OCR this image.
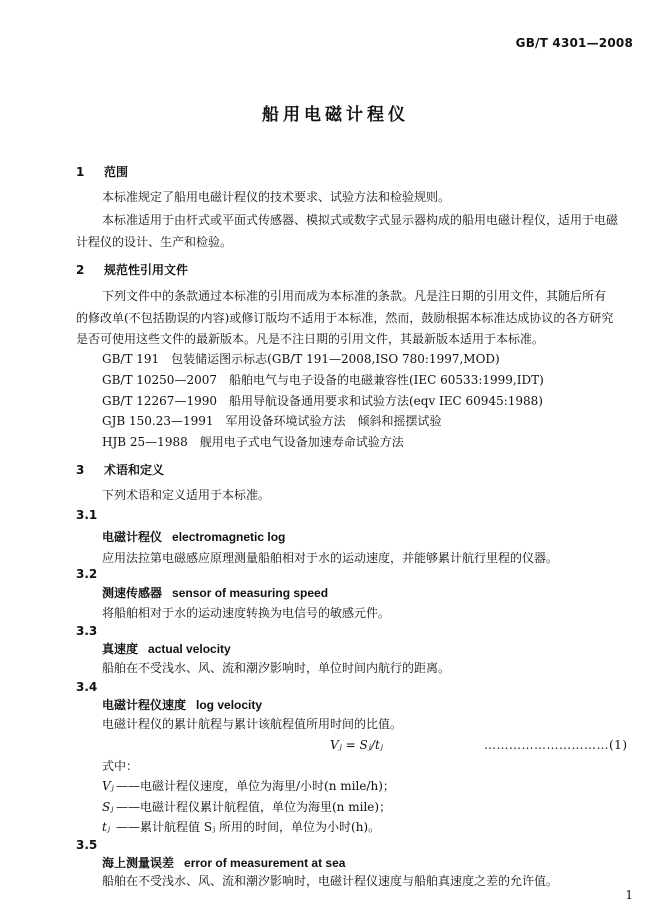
GB/T 4301—2008
船用电磁计程仪
1 范围
本标准规定了船用电磁计程仪的技术要求、试验方法和检验规则。
本标准适用于由杆式或平面式传感器、模拟式或数字式显示器构成的船用电磁计程仪，适用于电磁
计程仪的设计、生产和检验。
2 规范性引用文件
下列文件中的条款通过本标准的引用而成为本标准的条款。凡是注日期的引用文件，其随后所有
的修改单(不包括勘误的内容)或修订版均不适用于本标准，然而，鼓励根据本标准达成协议的各方研究
是否可使用这些文件的最新版本。凡是不注日期的引用文件，其最新版本适用于本标准。
GB/T 191　包装储运图示标志(GB/T 191—2008,ISO 780:1997,MOD)
GB/T 10250—2007　船舶电气与电子设备的电磁兼容性(IEC 60533:1999,IDT)
GB/T 12267—1990　船用导航设备通用要求和试验方法(eqv IEC 60945:1988)
GJB 150.23—1991　军用设备环境试验方法　倾斜和摇摆试验
HJB 25—1988　舰用电子式电气设备加速寿命试验方法
3 术语和定义
下列术语和定义适用于本标准。
3.1
电磁计程仪 electromagnetic log
应用法拉第电磁感应原理测量船舶相对于水的运动速度，并能够累计航行里程的仪器。
3.2
测速传感器 sensor of measuring speed
将船舶相对于水的运动速度转换为电信号的敏感元件。
3.3
真速度 actual velocity
船舶在不受浅水、风、流和潮汐影响时，单位时间内航行的距离。
3.4
电磁计程仪速度 log velocity
电磁计程仪的累计航程与累计该航程值所用时间的比值。
Vⱼ = Sⱼ/tⱼ	…………………………(1)
式中：
Vⱼ ——电磁计程仪速度，单位为海里/小时(n mile/h)；
Sⱼ ——电磁计程仪累计航程值，单位为海里(n mile)；
tⱼ ——累计航程值 Sⱼ 所用的时间，单位为小时(h)。
3.5
海上测量误差 error of measurement at sea
船舶在不受浅水、风、流和潮汐影响时，电磁计程仪速度与船舶真速度之差的允许值。
1
